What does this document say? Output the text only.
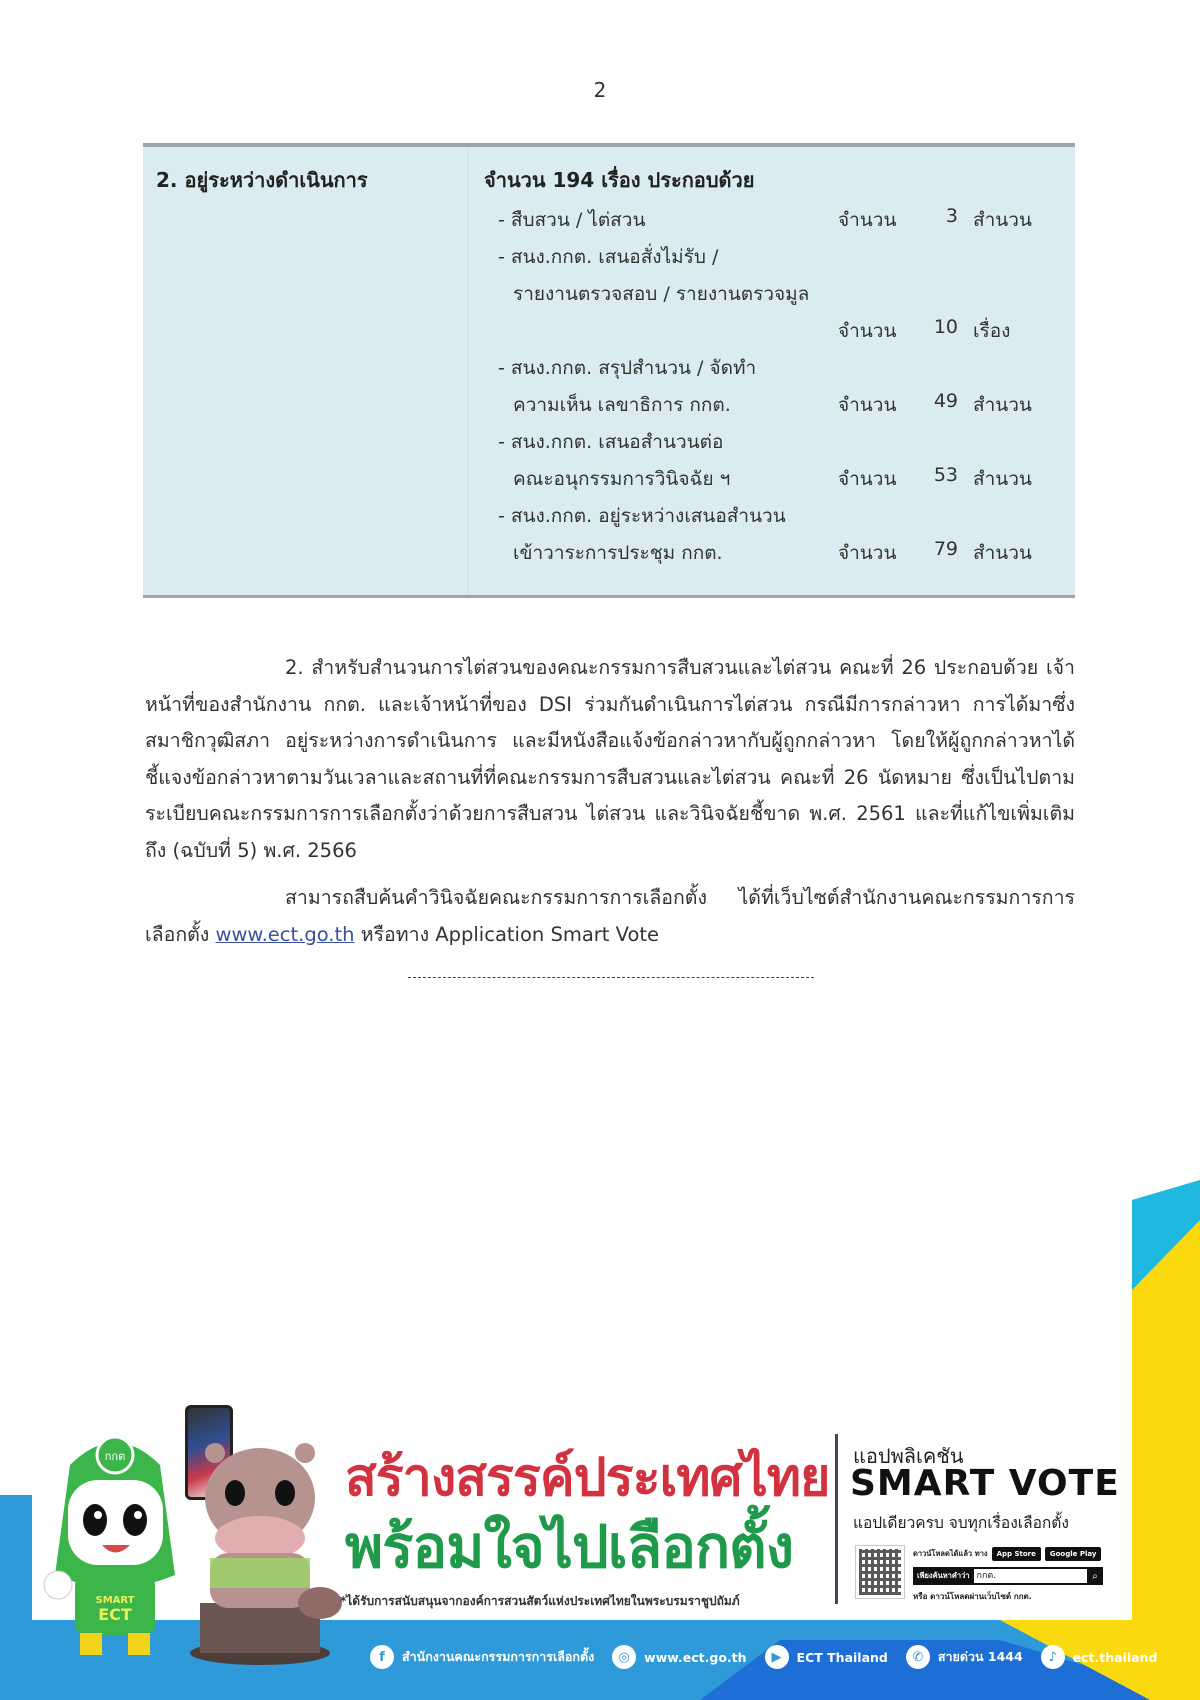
2
2. อยู่ระหว่างดำเนินการ	จำนวน 194 เรื่อง ประกอบด้วย
- สืบสวน / ไต่สวน	จำนวน	3 สำนวน
- สนง.กกต. เสนอสั่งไม่รับ /
รายงานตรวจสอบ / รายงานตรวจมูล
จำนวน	10 เรื่อง
- สนง.กกต. สรุปสำนวน / จัดทำ
ความเห็น เลขาธิการ กกต.	จำนวน	49 สำนวน
- สนง.กกต. เสนอสำนวนต่อ
คณะอนุกรรมการวินิจฉัย ฯ	จำนวน	53 สำนวน
- สนง.กกต. อยู่ระหว่างเสนอสำนวน
เข้าวาระการประชุม กกต.	จำนวน	79 สำนวน

2. สำหรับสำนวนการไต่สวนของคณะกรรมการสืบสวนและไต่สวน คณะที่ 26 ประกอบด้วย เจ้าหน้าที่ของสำนักงาน กกต. และเจ้าหน้าที่ของ DSI ร่วมกันดำเนินการไต่สวน กรณีมีการกล่าวหา การได้มาซึ่งสมาชิกวุฒิสภา อยู่ระหว่างการดำเนินการ และมีหนังสือแจ้งข้อกล่าวหากับผู้ถูกกล่าวหา โดยให้ผู้ถูกกล่าวหาได้ชี้แจงข้อกล่าวหาตามวันเวลาและสถานที่ที่คณะกรรมการสืบสวนและไต่สวน คณะที่ 26 นัดหมาย ซึ่งเป็นไปตามระเบียบคณะกรรมการการเลือกตั้งว่าด้วยการสืบสวน ไต่สวน และวินิจฉัยชี้ขาด พ.ศ. 2561 และที่แก้ไขเพิ่มเติมถึง (ฉบับที่ 5) พ.ศ. 2566

สามารถสืบค้นคำวินิจฉัยคณะกรรมการการเลือกตั้ง ได้ที่เว็บไซต์สำนักงานคณะกรรมการการเลือกตั้ง www.ect.go.th หรือทาง Application Smart Vote

f	สำนักงานคณะกรรมการการเลือกตั้ง	◎	www.ect.go.th	▶	ECT Thailand	✆	สายด่วน 1444	♪	ect.thailand
กกต
SMART
ECT
สร้างสรรค์ประเทศไทย
พร้อมใจไปเลือกตั้ง
*ได้รับการสนับสนุนจากองค์การสวนสัตว์แห่งประเทศไทยในพระบรมราชูปถัมภ์
แอปพลิเคชัน
SMART VOTE
แอปเดียวครบ จบทุกเรื่องเลือกตั้ง
ดาวน์โหลดได้แล้ว ทาง	App Store	Google Play
เพียงค้นหาคำว่า กกต.	⌕
หรือ ดาวน์โหลดผ่านเว็บไซต์ กกต.
